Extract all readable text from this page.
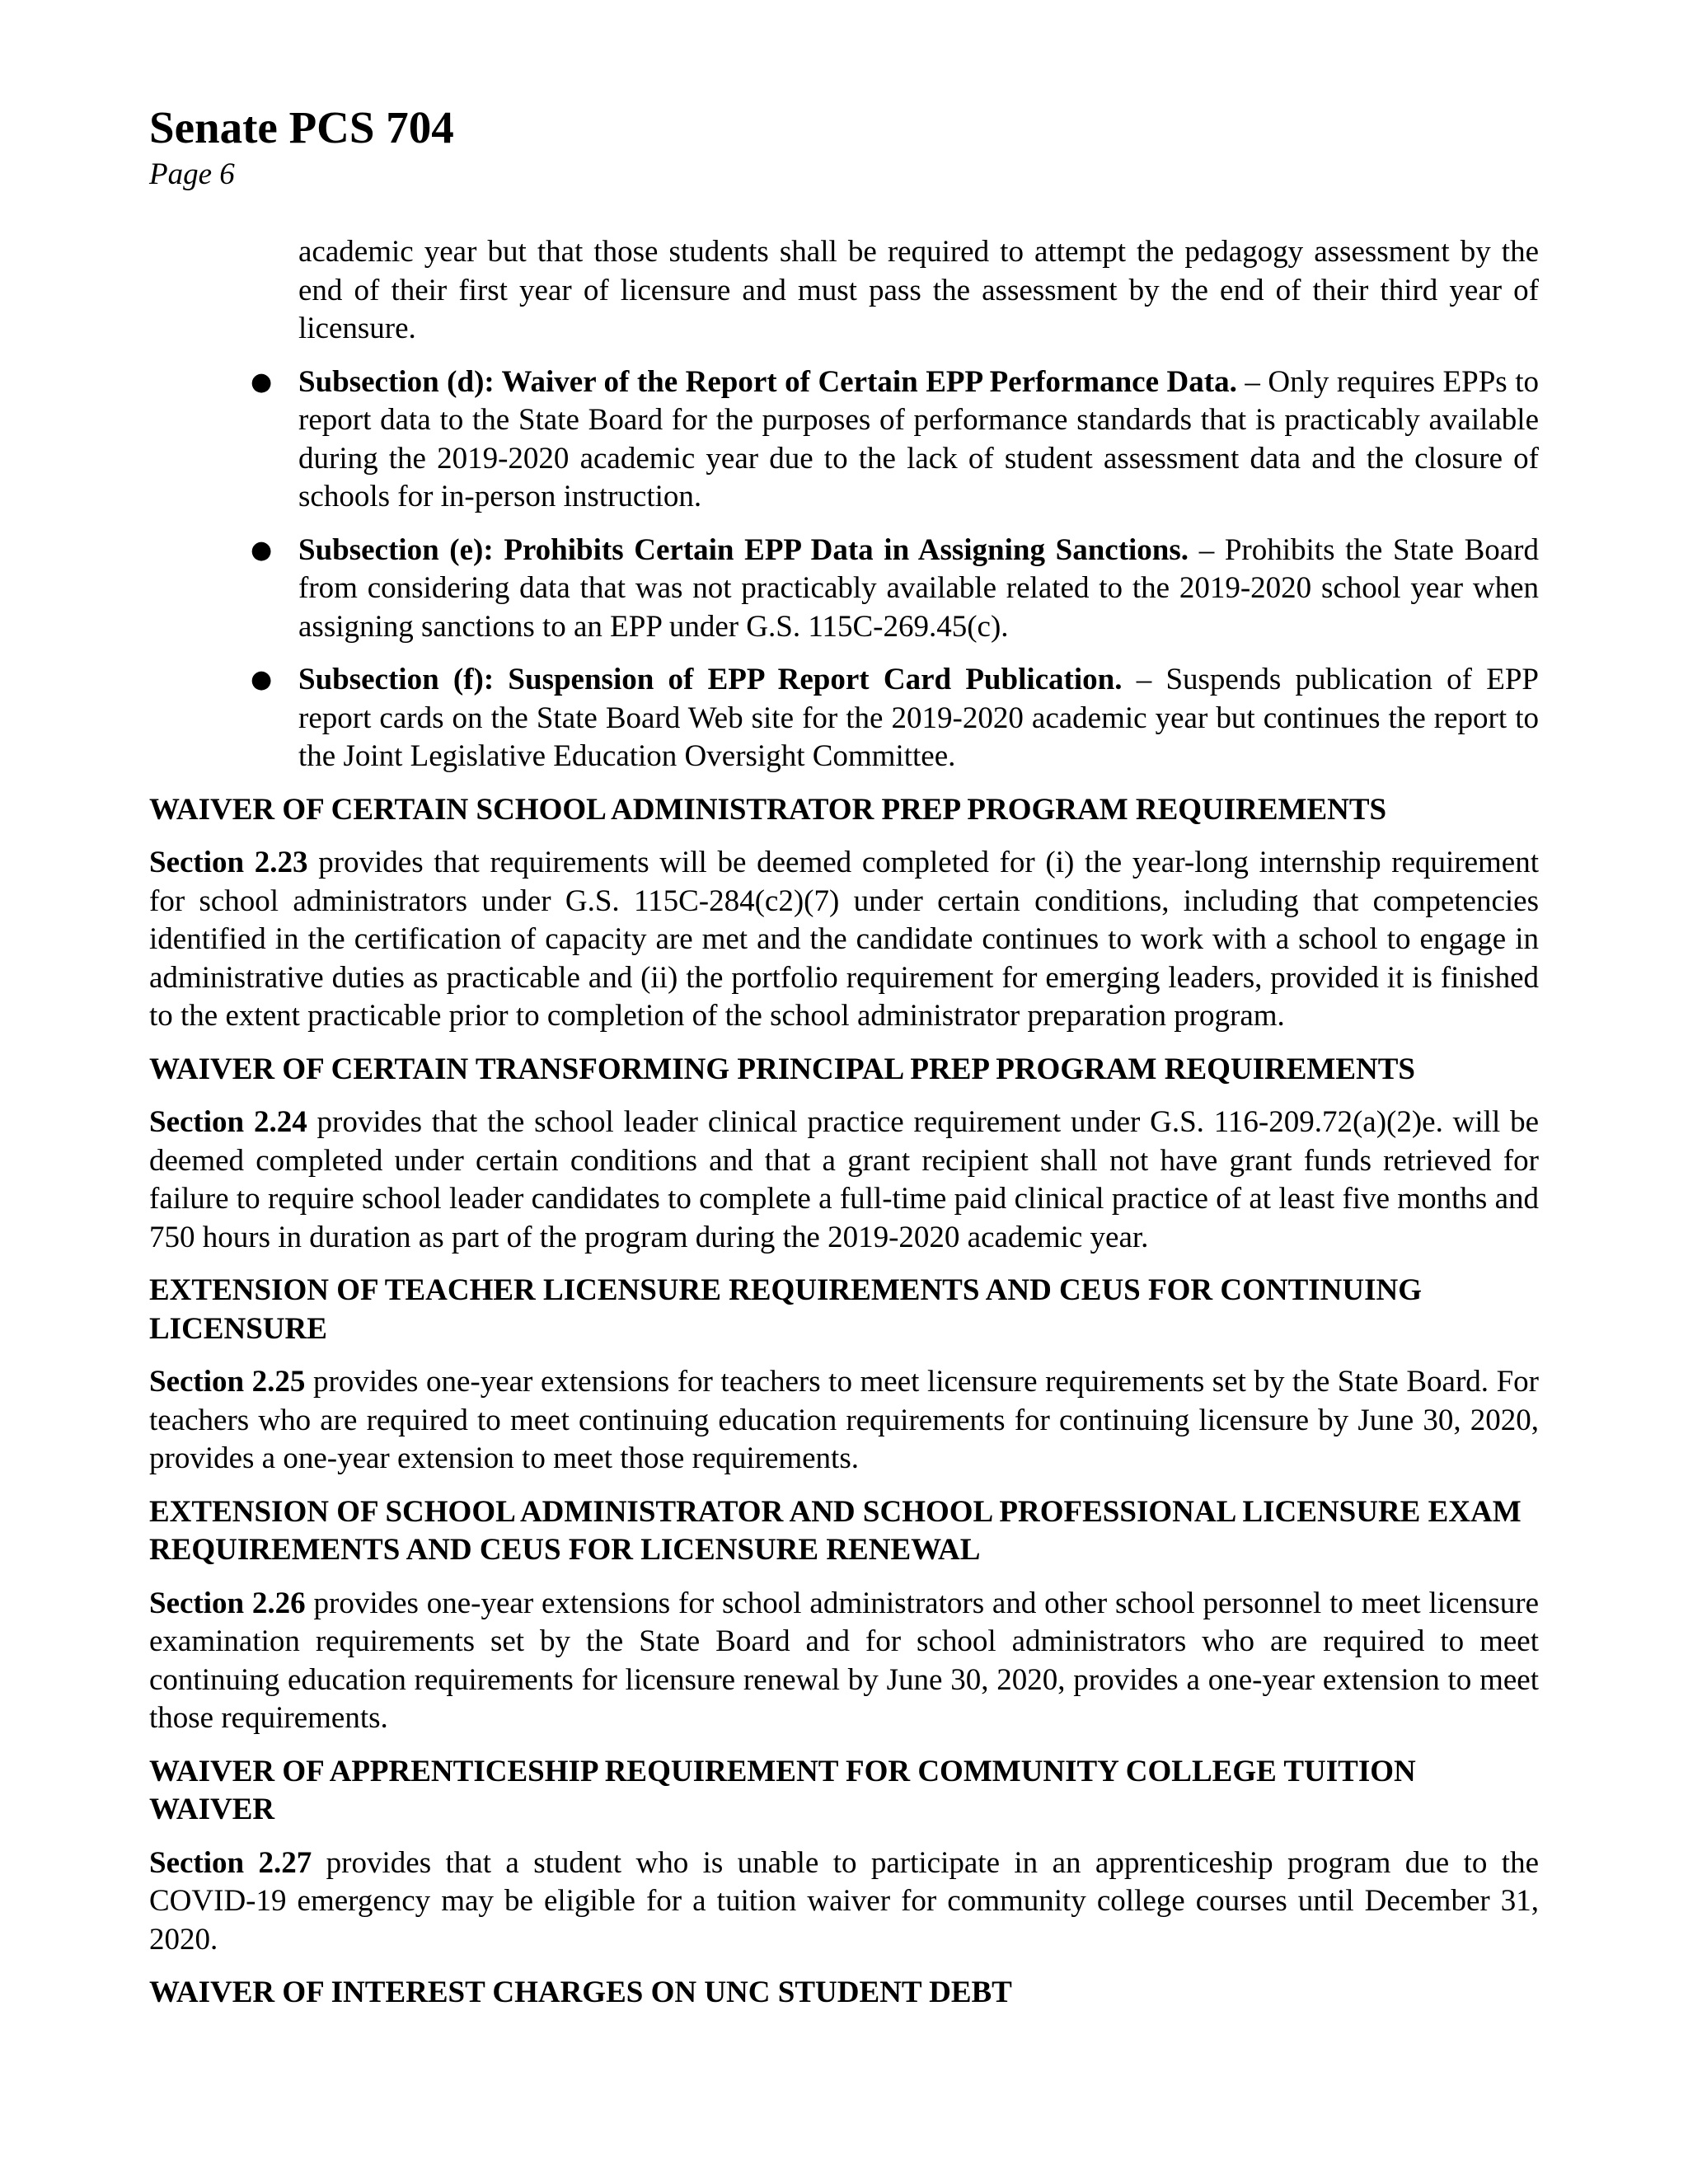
Senate PCS 704
Page 6

academic year but that those students shall be required to attempt the pedagogy assessment by the end of their first year of licensure and must pass the assessment by the end of their third year of licensure.

● Subsection (d): Waiver of the Report of Certain EPP Performance Data. – Only requires EPPs to report data to the State Board for the purposes of performance standards that is practicably available during the 2019-2020 academic year due to the lack of student assessment data and the closure of schools for in-person instruction.
● Subsection (e): Prohibits Certain EPP Data in Assigning Sanctions. – Prohibits the State Board from considering data that was not practicably available related to the 2019-2020 school year when assigning sanctions to an EPP under G.S. 115C-269.45(c).
● Subsection (f): Suspension of EPP Report Card Publication. – Suspends publication of EPP report cards on the State Board Web site for the 2019-2020 academic year but continues the report to the Joint Legislative Education Oversight Committee.
WAIVER OF CERTAIN SCHOOL ADMINISTRATOR PREP PROGRAM REQUIREMENTS

Section 2.23 provides that requirements will be deemed completed for (i) the year-long internship requirement for school administrators under G.S. 115C-284(c2)(7) under certain conditions, including that competencies identified in the certification of capacity are met and the candidate continues to work with a school to engage in administrative duties as practicable and (ii) the portfolio requirement for emerging leaders, provided it is finished to the extent practicable prior to completion of the school administrator preparation program.

WAIVER OF CERTAIN TRANSFORMING PRINCIPAL PREP PROGRAM REQUIREMENTS

Section 2.24 provides that the school leader clinical practice requirement under G.S. 116-209.72(a)(2)e. will be deemed completed under certain conditions and that a grant recipient shall not have grant funds retrieved for failure to require school leader candidates to complete a full-time paid clinical practice of at least five months and 750 hours in duration as part of the program during the 2019-2020 academic year.

EXTENSION OF TEACHER LICENSURE REQUIREMENTS AND CEUS FOR CONTINUING LICENSURE

Section 2.25 provides one-year extensions for teachers to meet licensure requirements set by the State Board. For teachers who are required to meet continuing education requirements for continuing licensure by June 30, 2020, provides a one-year extension to meet those requirements.

EXTENSION OF SCHOOL ADMINISTRATOR AND SCHOOL PROFESSIONAL LICENSURE EXAM REQUIREMENTS AND CEUS FOR LICENSURE RENEWAL

Section 2.26 provides one-year extensions for school administrators and other school personnel to meet licensure examination requirements set by the State Board and for school administrators who are required to meet continuing education requirements for licensure renewal by June 30, 2020, provides a one-year extension to meet those requirements.

WAIVER OF APPRENTICESHIP REQUIREMENT FOR COMMUNITY COLLEGE TUITION WAIVER

Section 2.27 provides that a student who is unable to participate in an apprenticeship program due to the COVID-19 emergency may be eligible for a tuition waiver for community college courses until December 31, 2020.

WAIVER OF INTEREST CHARGES ON UNC STUDENT DEBT
